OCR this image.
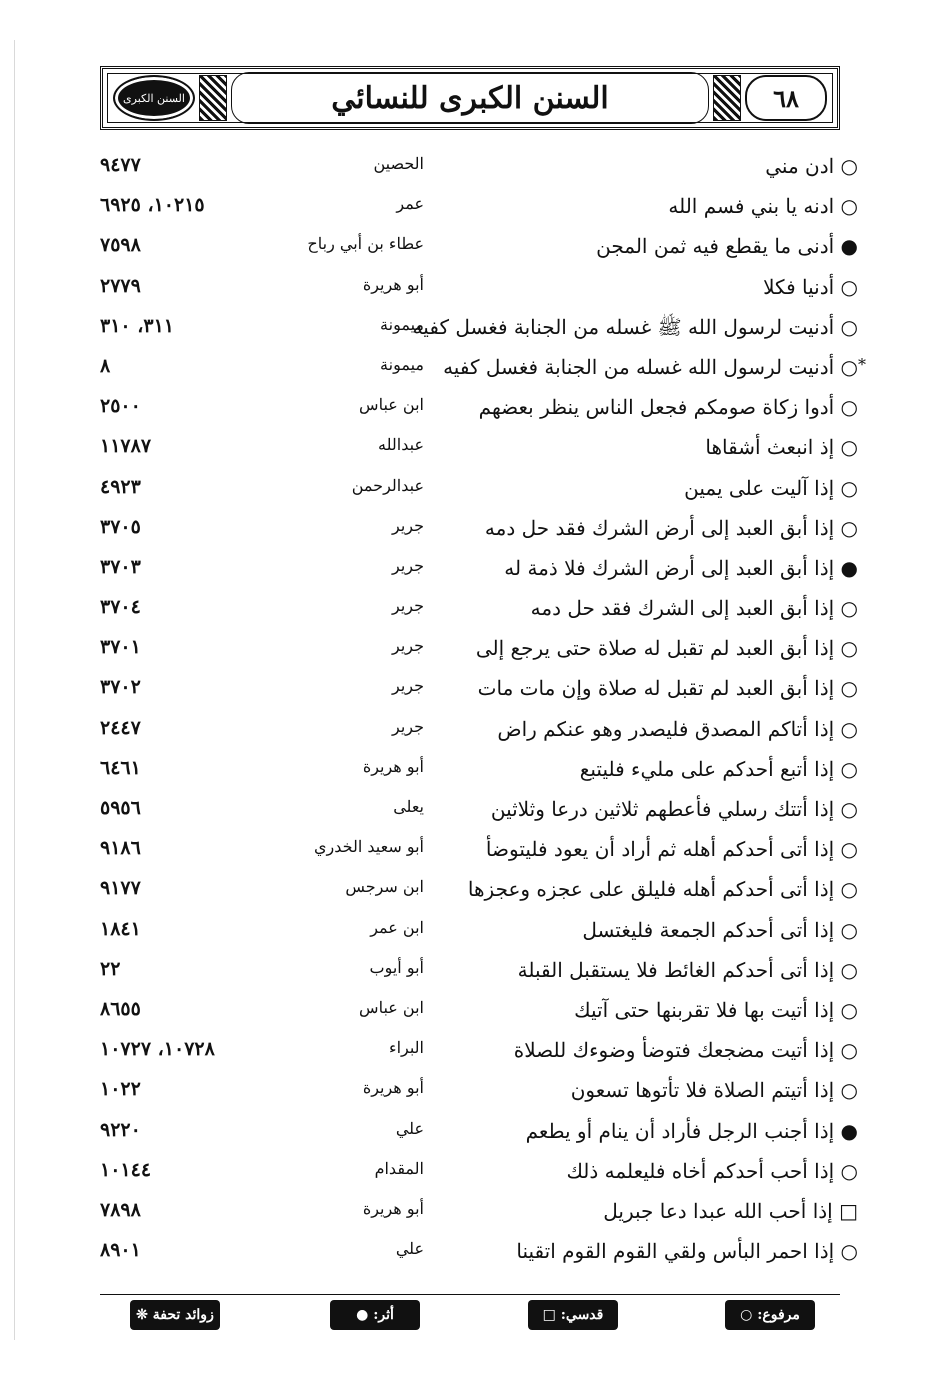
السنن الكبرى	السنن الكبرى للنسائي	٦٨
٩٤٧٧	الحصين	○ ادن مني
١٠٢١٥، ٦٩٢٥	عمر	○ ادنه يا بني فسم الله
٧٥٩٨	عطاء بن أبي رباح	● أدنى ما يقطع فيه ثمن المجن
٢٧٧٩	أبو هريرة	○ أدنيا فكلا
٣١١، ٣١٠	ميمونة	○ أدنيت لرسول الله ﷺ غسله من الجنابة فغسل كفيه
٨	ميمونة	○ أدنيت لرسول الله غسله من الجنابة فغسل كفيه	*
٢٥٠٠	ابن عباس	○ أدوا زكاة صومكم فجعل الناس ينظر بعضهم
١١٧٨٧	عبدالله	○ إذ انبعث أشقاها
٤٩٢٣	عبدالرحمن	○ إذا آليت على يمين
٣٧٠٥	جرير	○ إذا أبق العبد إلى أرض الشرك فقد حل دمه
٣٧٠٣	جرير	● إذا أبق العبد إلى أرض الشرك فلا ذمة له
٣٧٠٤	جرير	○ إذا أبق العبد إلى الشرك فقد حل دمه
٣٧٠١	جرير	○ إذا أبق العبد لم تقبل له صلاة حتى يرجع إلى
٣٧٠٢	جرير	○ إذا أبق العبد لم تقبل له صلاة وإن مات مات
٢٤٤٧	جرير	○ إذا أتاكم المصدق فليصدر وهو عنكم راض
٦٤٦١	أبو هريرة	○ إذا أتبع أحدكم على مليء فليتبع
٥٩٥٦	يعلى	○ إذا أتتك رسلي فأعطهم ثلاثين درعا وثلاثين
٩١٨٦	أبو سعيد الخدري	○ إذا أتى أحدكم أهله ثم أراد أن يعود فليتوضأ
٩١٧٧	ابن سرجس	○ إذا أتى أحدكم أهله فليلق على عجزه وعجزها
١٨٤١	ابن عمر	○ إذا أتى أحدكم الجمعة فليغتسل
٢٢	أبو أيوب	○ إذا أتى أحدكم الغائط فلا يستقبل القبلة
٨٦٥٥	ابن عباس	○ إذا أتيت بها فلا تقربنها حتى آتيك
١٠٧٢٨، ١٠٧٢٧	البراء	○ إذا أتيت مضجعك فتوضأ وضوءك للصلاة
١٠٢٢	أبو هريرة	○ إذا أتيتم الصلاة فلا تأتوها تسعون
٩٢٢٠	علي	● إذا أجنب الرجل فأراد أن ينام أو يطعم
١٠١٤٤	المقدام	○ إذا أحب أحدكم أخاه فليعلمه ذلك
٧٨٩٨	أبو هريرة	□ إذا أحب الله عبدا دعا جبريل
٨٩٠١	علي	○ إذا احمر البأس ولقي القوم القوم اتقينا
مرفوع: ○
قدسي: □
أثر: ●
زوائد تحفة ❊
